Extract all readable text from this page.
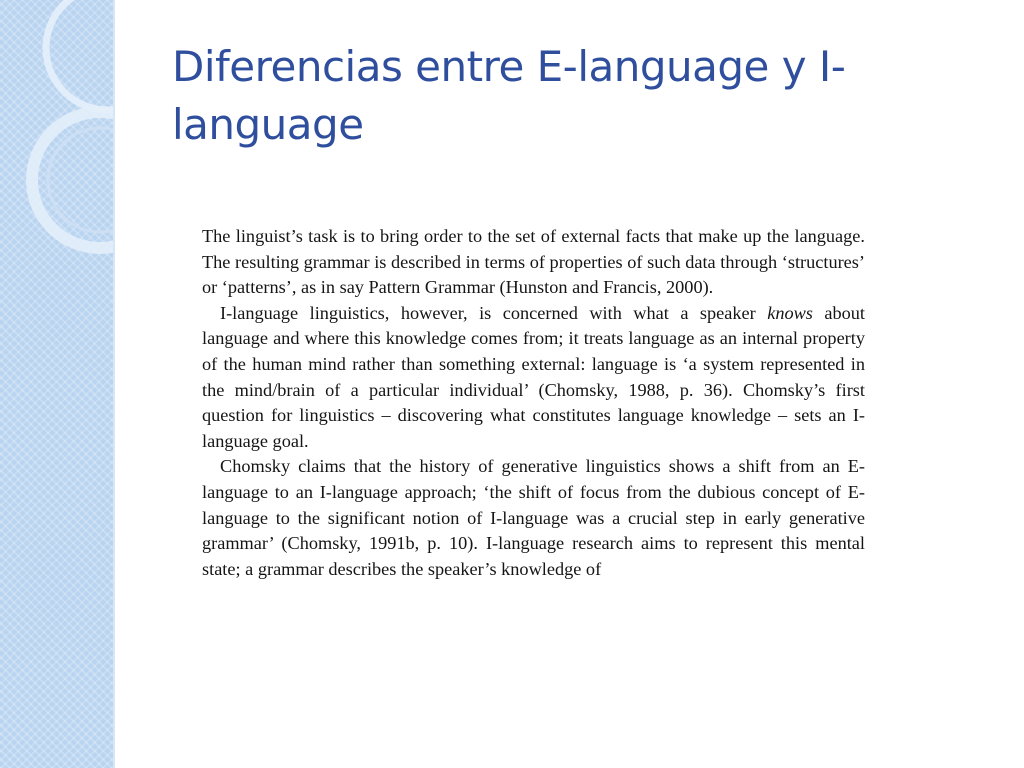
Diferencias entre E-language y I-language

The linguist’s task is to bring order to the set of external facts that make up the language. The resulting grammar is described in terms of properties of such data through ‘structures’ or ‘patterns’, as in say Pattern Grammar (Hunston and Francis, 2000).

I-language linguistics, however, is concerned with what a speaker knows about language and where this knowledge comes from; it treats language as an internal property of the human mind rather than something external: language is ‘a system represented in the mind/brain of a particular individual’ (Chomsky, 1988, p. 36). Chomsky’s first question for linguistics – discovering what constitutes language knowledge – sets an I-language goal.

Chomsky claims that the history of generative linguistics shows a shift from an E-language to an I-language approach; ‘the shift of focus from the dubious concept of E-language to the significant notion of I-language was a crucial step in early generative grammar’ (Chomsky, 1991b, p. 10). I-language research aims to represent this mental state; a grammar describes the speaker’s knowledge of
